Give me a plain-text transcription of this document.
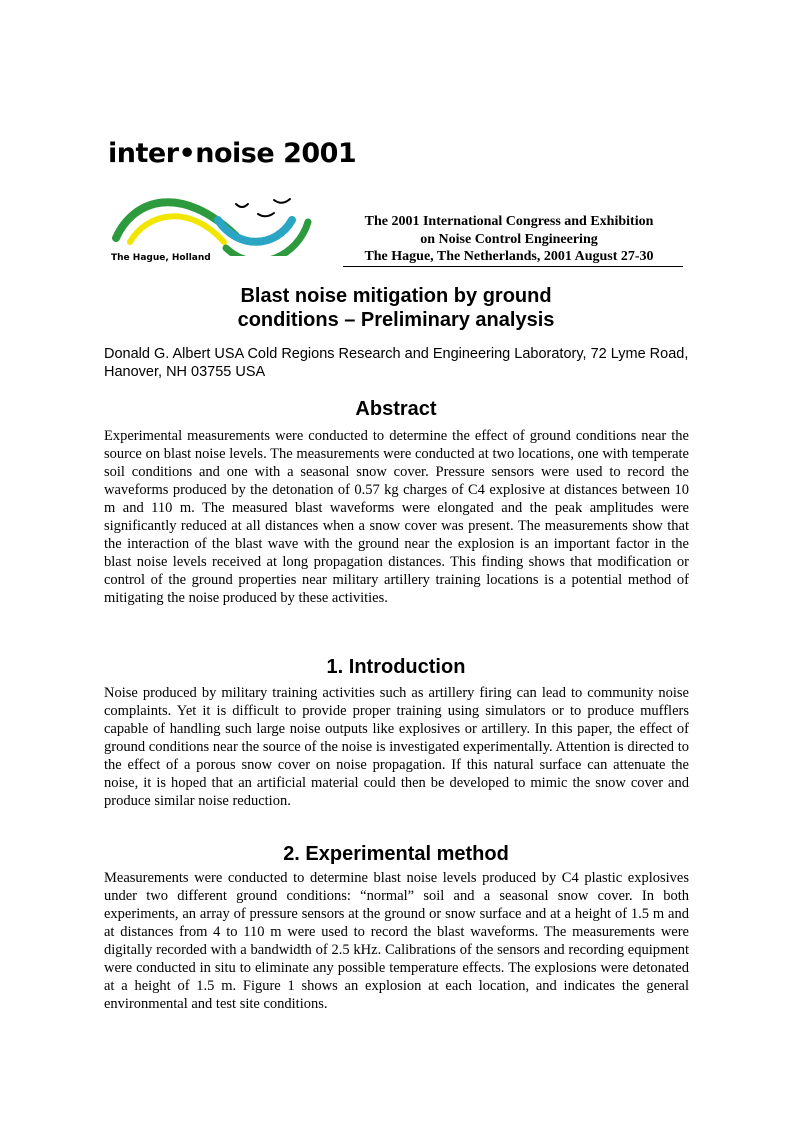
inter•noise 2001
The Hague, Holland
The 2001 International Congress and Exhibition
on Noise Control Engineering
The Hague, The Netherlands, 2001 August 27-30
Blast noise mitigation by ground
conditions – Preliminary analysis

Donald G. Albert USA Cold Regions Research and Engineering Laboratory, 72 Lyme Road, Hanover, NH 03755 USA

Abstract

Experimental measurements were conducted to determine the effect of ground conditions near the source on blast noise levels. The measurements were conducted at two locations, one with temperate soil conditions and one with a seasonal snow cover. Pressure sensors were used to record the waveforms produced by the detonation of 0.57 kg charges of C4 explosive at distances between 10 m and 110 m. The measured blast waveforms were elongated and the peak amplitudes were significantly reduced at all distances when a snow cover was present. The measurements show that the interaction of the blast wave with the ground near the explosion is an important factor in the blast noise levels received at long propagation distances. This finding shows that modification or control of the ground properties near military artillery training locations is a potential method of mitigating the noise produced by these activities.

1. Introduction

Noise produced by military training activities such as artillery firing can lead to community noise complaints. Yet it is difficult to provide proper training using simulators or to produce mufflers capable of handling such large noise outputs like explosives or artillery. In this paper, the effect of ground conditions near the source of the noise is investigated experimentally. Attention is directed to the effect of a porous snow cover on noise propagation. If this natural surface can attenuate the noise, it is hoped that an artificial material could then be developed to mimic the snow cover and produce similar noise reduction.

2. Experimental method

Measurements were conducted to determine blast noise levels produced by C4 plastic explosives under two different ground conditions: “normal” soil and a seasonal snow cover. In both experiments, an array of pressure sensors at the ground or snow surface and at a height of 1.5 m and at distances from 4 to 110 m were used to record the blast waveforms. The measurements were digitally recorded with a bandwidth of 2.5 kHz. Calibrations of the sensors and recording equipment were conducted in situ to eliminate any possible temperature effects. The explosions were detonated at a height of 1.5 m. Figure 1 shows an explosion at each location, and indicates the general environmental and test site conditions.
